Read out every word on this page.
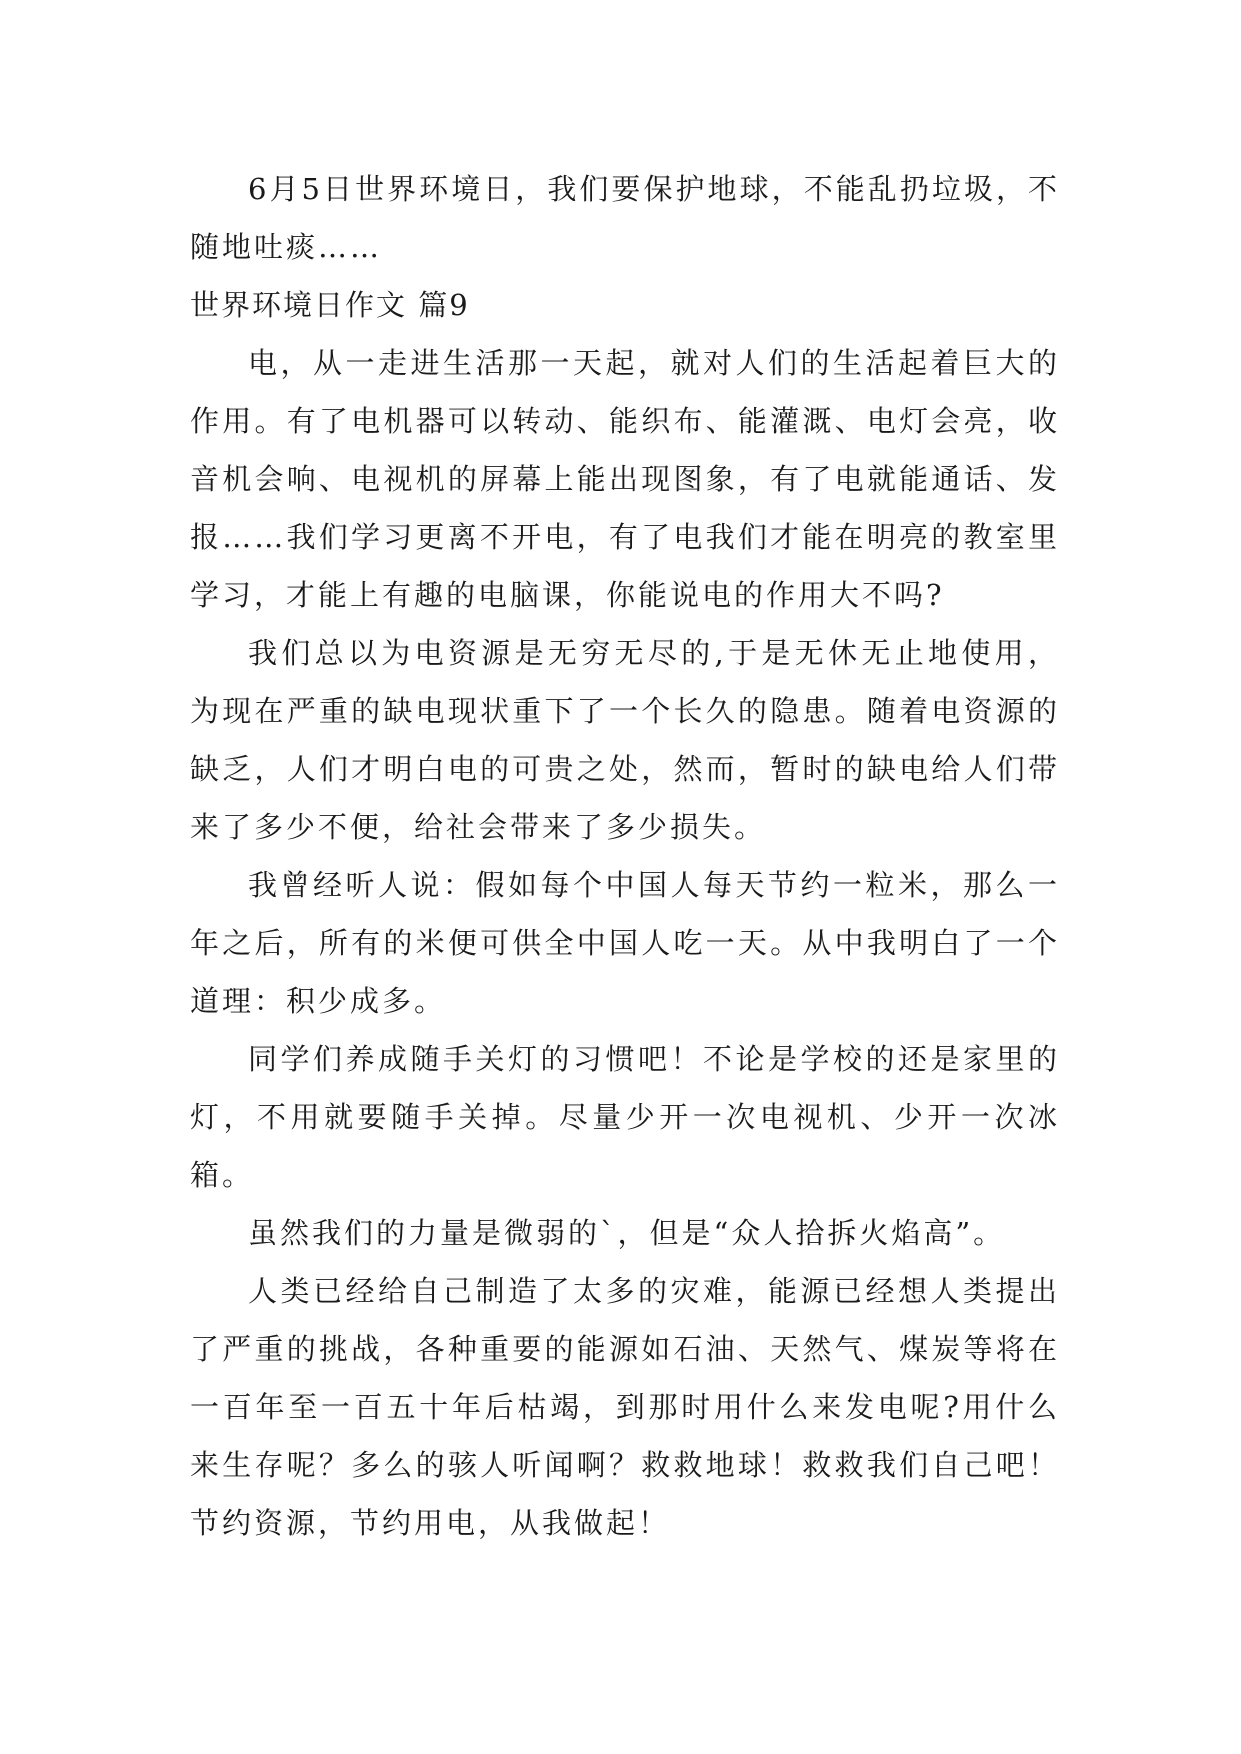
6月5日世界环境日，我们要保护地球，不能乱扔垃圾，不随地吐痰……

世界环境日作文 篇9

电，从一走进生活那一天起，就对人们的生活起着巨大的作用。有了电机器可以转动、能织布、能灌溉、电灯会亮，收音机会响、电视机的屏幕上能出现图象，有了电就能通话、发报……我们学习更离不开电，有了电我们才能在明亮的教室里学习，才能上有趣的电脑课，你能说电的作用大不吗?

我们总以为电资源是无穷无尽的,于是无休无止地使用，为现在严重的缺电现状重下了一个长久的隐患。随着电资源的缺乏，人们才明白电的可贵之处，然而，暂时的缺电给人们带来了多少不便，给社会带来了多少损失。

我曾经听人说：假如每个中国人每天节约一粒米，那么一年之后，所有的米便可供全中国人吃一天。从中我明白了一个道理：积少成多。

同学们养成随手关灯的习惯吧！不论是学校的还是家里的灯，不用就要随手关掉。尽量少开一次电视机、少开一次冰箱。

虽然我们的力量是微弱的`，但是“众人拾拆火焰高”。

人类已经给自己制造了太多的灾难，能源已经想人类提出了严重的挑战，各种重要的能源如石油、天然气、煤炭等将在一百年至一百五十年后枯竭，到那时用什么来发电呢?用什么来生存呢？多么的骇人听闻啊？救救地球！救救我们自己吧！节约资源，节约用电，从我做起！
